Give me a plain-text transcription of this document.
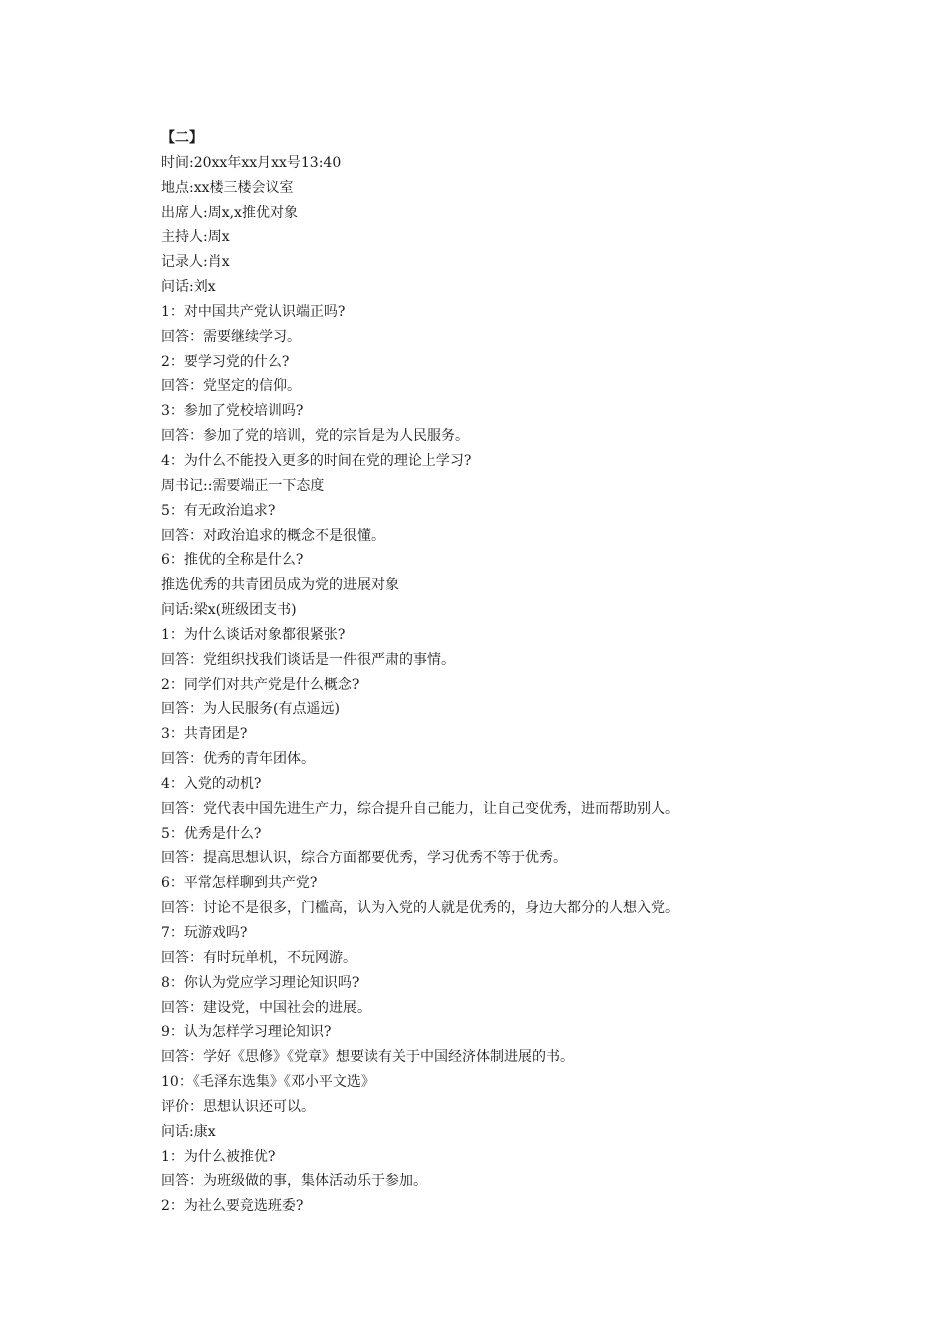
【二】
时间:20xx年xx月xx号13:40
地点:xx楼三楼会议室
出席人:周x,x推优对象
主持人:周x
记录人:肖x
问话:刘x
1：对中国共产党认识端正吗?
回答：需要继续学习。
2：要学习党的什么?
回答：党坚定的信仰。
3：参加了党校培训吗?
回答：参加了党的培训，党的宗旨是为人民服务。
4：为什么不能投入更多的时间在党的理论上学习?
周书记::需要端正一下态度
5：有无政治追求?
回答：对政治追求的概念不是很懂。
6：推优的全称是什么?
推选优秀的共青团员成为党的进展对象
问话:梁x(班级团支书)
1：为什么谈话对象都很紧张?
回答：党组织找我们谈话是一件很严肃的事情。
2：同学们对共产党是什么概念?
回答：为人民服务(有点遥远)
3：共青团是?
回答：优秀的青年团体。
4：入党的动机?
回答：党代表中国先进生产力，综合提升自己能力，让自己变优秀，进而帮助别人。
5：优秀是什么?
回答：提高思想认识，综合方面都要优秀，学习优秀不等于优秀。
6：平常怎样聊到共产党?
回答：讨论不是很多，门槛高，认为入党的人就是优秀的，身边大都分的人想入党。
7：玩游戏吗?
回答：有时玩单机，不玩网游。
8：你认为党应学习理论知识吗?
回答：建设党，中国社会的进展。
9：认为怎样学习理论知识?
回答：学好《思修》《党章》想要读有关于中国经济体制进展的书。
10：《毛泽东选集》《邓小平文选》
评价：思想认识还可以。
问话:康x
1：为什么被推优?
回答：为班级做的事，集体活动乐于参加。
2：为社么要竞选班委?
